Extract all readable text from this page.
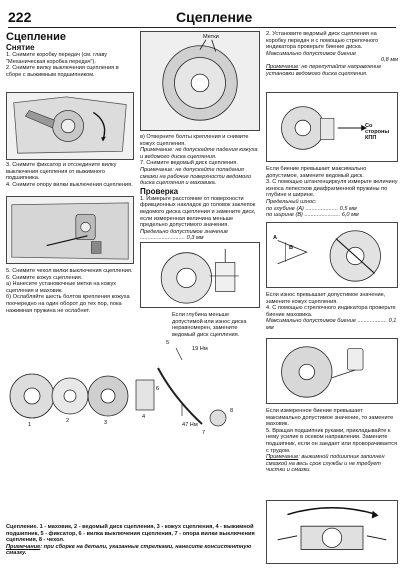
222	Сцепление
Сцепление
Снятие

1. Снимите коробку передач (см. главу "Механическая коробка передач").

2. Снимите вилку выключения сцепления в сборе с выжимным подшипником.

3. Снимите фиксатор и отсоедините вилку выключения сцепления от выжимного подшипника.

4. Снимите опору вилки выключения сцепления.

5. Снимите чехол вилки выключения сцепления.

6. Снимите кожух сцепления.

а) Нанесите установочные метки на кожух сцепления и маховик.

б) Ослабляйте шесть болтов крепления кожуха поочередно на один оборот до тех пор, пока нажимная пружина не ослабнет.

19 Нм
47 Нм
1
2	3
4
5
6
7
8

Сцепление. 1 - маховик, 2 - ведомый диск сцепления, 3 - кожух сцепления, 4 - выжимной подшипник, 5 - фиксатор, 6 - вилка выключения сцепления, 7 - опора вилки выключения сцепления, 8 - чехол.

Примечание: при сборке на детали, указанные стрелками, нанесите консистентную смазку.

Метки

в) Отверните болты крепления и снимите кожух сцепления.

Примечание: не допускайте падения кожуха и ведомого диска сцепления.

7. Снимите ведомый диск сцепления.

Примечание: не допускайте попадания смазки на рабочие поверхности ведомого диска сцепления и маховика.

Проверка

1. Измерьте расстояние от поверхности фрикционных накладок до головок заклепок ведомого диска сцепления и замените диск, если измеренная величина меньше предельно допустимого значения.

Предельно допустимое значение ............................. 0,3 мм

Если глубина меньше допустимой или износ диска неравномерен, замените ведомый диск сцепления.

2. Установите ведомый диск сцепления на коробку передач и с помощью стрелочного индикатора проверьте биение диска.

Максимально допустимое биение

0,8 мм

Примечание: не перепутайте направление установки ведомого диска сцепления.

Со стороны КПП

Если биение превышает максимально допустимое, замените ведомый диск.

3. С помощью штангенциркуля измерьте величину износа лепестков диафрагменной пружины по глубине и ширине.

Предельный износ:

по глубине (А) ..................... 0,5 мм

по ширине (В) ....................... 6,0 мм

А
В

Если износ превышает допустимое значение, замените кожух сцепления.

4. С помощью стрелочного индикатора проверьте биение маховика.

Максимально допустимое биение ................... 0,1 мм

Если измеренное биение превышает максимально допустимое значение, то замените маховик.

5. Вращая подшипник руками, прикладывайте к нему усилие в осевом направлении. Замените подшипник, если он заедает или проворачивается с трудом.

Примечание: выжимной подшипник заполнен смазкой на весь срок службы и не требует чистки и смазки.
